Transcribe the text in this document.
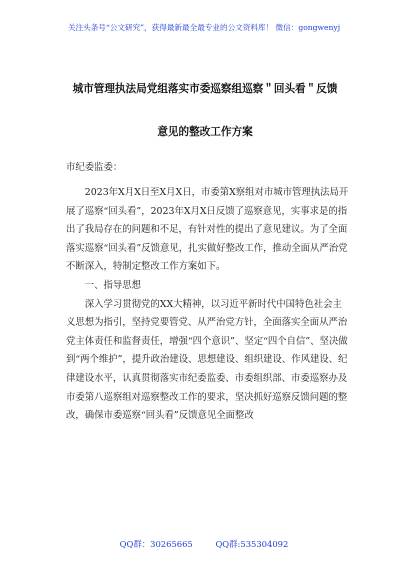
关注头条号“公文研究”，获得最新最全最专业的公文资料库！ 微信：gongwenyj
城市管理执法局党组落实市委巡察组巡察＂回头看＂反馈
意见的整改工作方案
市纪委监委：

2023年X月X日至X月X日，市委第X察组对市城市管理执法局开展了巡察“回头看”，2023年X月X日反馈了巡察意见，实事求是的指出了我局存在的问题和不足，有针对性的提出了意见建议。为了全面落实巡察“回头看”反馈意见，扎实做好整改工作，推动全面从严治党不断深入，特制定整改工作方案如下。

一、指导思想

深入学习贯彻党的XX大精神，以习近平新时代中国特色社会主义思想为指引，坚持党要管党、从严治党方针，全面落实全面从严治党主体责任和监督责任，增强“四个意识”、坚定“四个自信”、坚决做到“两个维护”，提升政治建设、思想建设、组织建设、作风建设、纪律建设水平，认真贯彻落实市纪委监委、市委组织部、市委巡察办及市委第八巡察组对巡察整改工作的要求，坚决抓好巡察反馈问题的整改，确保市委巡察“回头看”反馈意见全面整改

QQ群：30265665	QQ群:535304092
